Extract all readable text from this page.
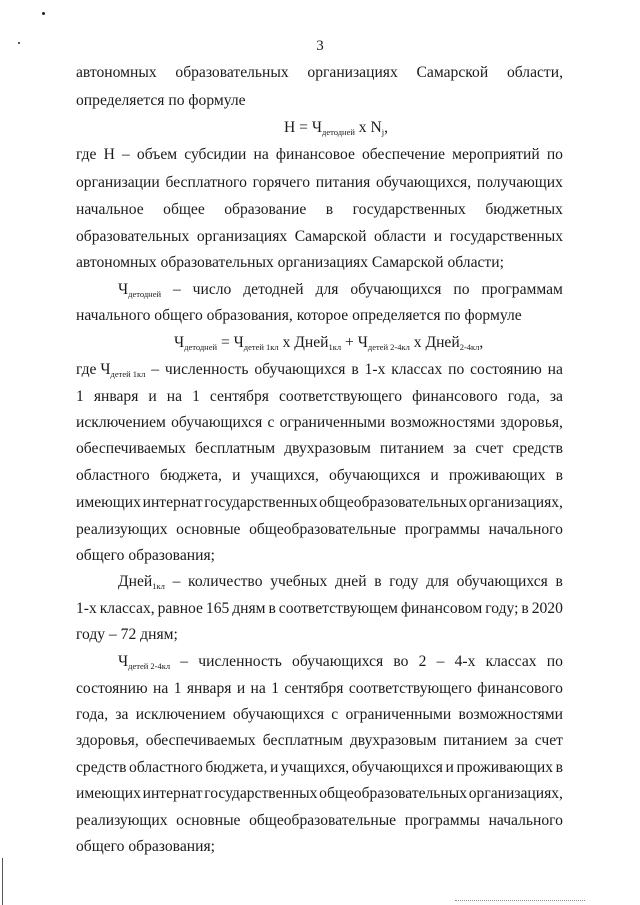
3
автономных образовательных организациях Самарской области,
определяется по формуле
$Н = Ч_{детодней}$ x $N_j$,
где Н – объем субсидии на финансовое обеспечение мероприятий по
организации бесплатного горячего питания обучающихся, получающих
начальное общее образование в государственных бюджетных
образовательных организациях Самарской области и государственных
автономных образовательных организациях Самарской области;
$Ч_{детодней}$ – число детодней для обучающихся по программам
начального общего образования, которое определяется по формуле
$Ч_{детодней} = Ч_{детей 1кл}$ x Дней$_{1кл}$ + $Ч_{детей 2-4кл}$ x Дней$_{2-4кл}$,
где $Ч_{детей 1кл}$ – численность обучающихся в 1-х классах по состоянию на
1 января и на 1 сентября соответствующего финансового года, за
исключением обучающихся с ограниченными возможностями здоровья,
обеспечиваемых бесплатным двухразовым питанием за счет средств
областного бюджета, и учащихся, обучающихся и проживающих в
имеющих интернат государственных общеобразовательных организациях,
реализующих основные общеобразовательные программы начального
общего образования;
Дней$_{1кл}$ – количество учебных дней в году для обучающихся в
1-х классах, равное 165 дням в соответствующем финансовом году; в 2020
году – 72 дням;
$Ч_{детей 2-4кл}$ – численность обучающихся во 2 – 4-х классах по
состоянию на 1 января и на 1 сентября соответствующего финансового
года, за исключением обучающихся с ограниченными возможностями
здоровья, обеспечиваемых бесплатным двухразовым питанием за счет
средств областного бюджета, и учащихся, обучающихся и проживающих в
имеющих интернат государственных общеобразовательных организациях,
реализующих основные общеобразовательные программы начального
общего образования;
